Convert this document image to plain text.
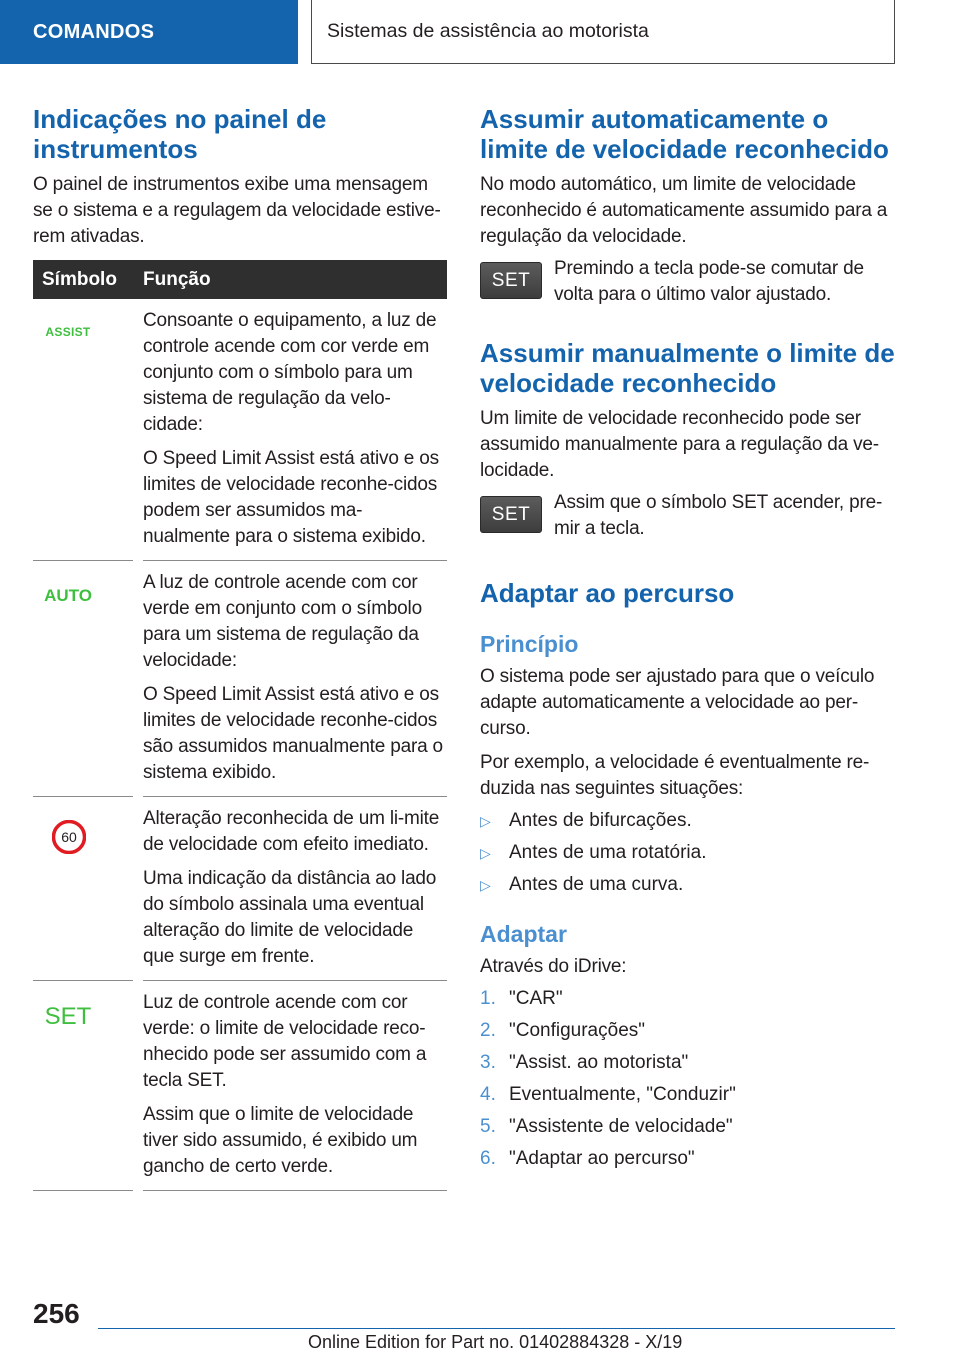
COMANDOS	Sistemas de assistência ao motorista
Indicações no painel de instrumentos

O painel de instrumentos exibe uma mensagem se o sistema e a regulagem da velocidade estive-rem ativadas.

Símbolo	Função
ASSIST

Consoante o equipamento, a luz de controle acende com cor verde em conjunto com o símbolo para um sistema de regulação da velo-cidade:

O Speed Limit Assist está ativo e os limites de velocidade reconhe-cidos podem ser assumidos ma-nualmente para o sistema exibido.

AUTO

A luz de controle acende com cor verde em conjunto com o símbolo para um sistema de regulação da velocidade:

O Speed Limit Assist está ativo e os limites de velocidade reconhe-cidos são assumidos manualmente para o sistema exibido.

60

Alteração reconhecida de um li-mite de velocidade com efeito imediato.

Uma indicação da distância ao lado do símbolo assinala uma eventual alteração do limite de velocidade que surge em frente.

SET

Luz de controle acende com cor verde: o limite de velocidade reco-nhecido pode ser assumido com a tecla SET.

Assim que o limite de velocidade tiver sido assumido, é exibido um gancho de certo verde.

Assumir automaticamente o limite de velocidade reconhecido

No modo automático, um limite de velocidade reconhecido é automaticamente assumido para a regulação da velocidade.

SET

Premindo a tecla pode-se comutar de volta para o último valor ajustado.

Assumir manualmente o limite de velocidade reconhecido

Um limite de velocidade reconhecido pode ser assumido manualmente para a regulação da ve-locidade.

SET

Assim que o símbolo SET acender, pre-mir a tecla.

Adaptar ao percurso
Princípio

O sistema pode ser ajustado para que o veículo adapte automaticamente a velocidade ao per-curso.

Por exemplo, a velocidade é eventualmente re-duzida nas seguintes situações:

▷ Antes de bifurcações.
▷ Antes de uma rotatória.
▷ Antes de uma curva.
Adaptar

Através do iDrive:

1. "CAR"
2. "Configurações"
3. "Assist. ao motorista"
4. Eventualmente, "Conduzir"
5. "Assistente de velocidade"
6. "Adaptar ao percurso"
256
Online Edition for Part no. 01402884328 - X/19
